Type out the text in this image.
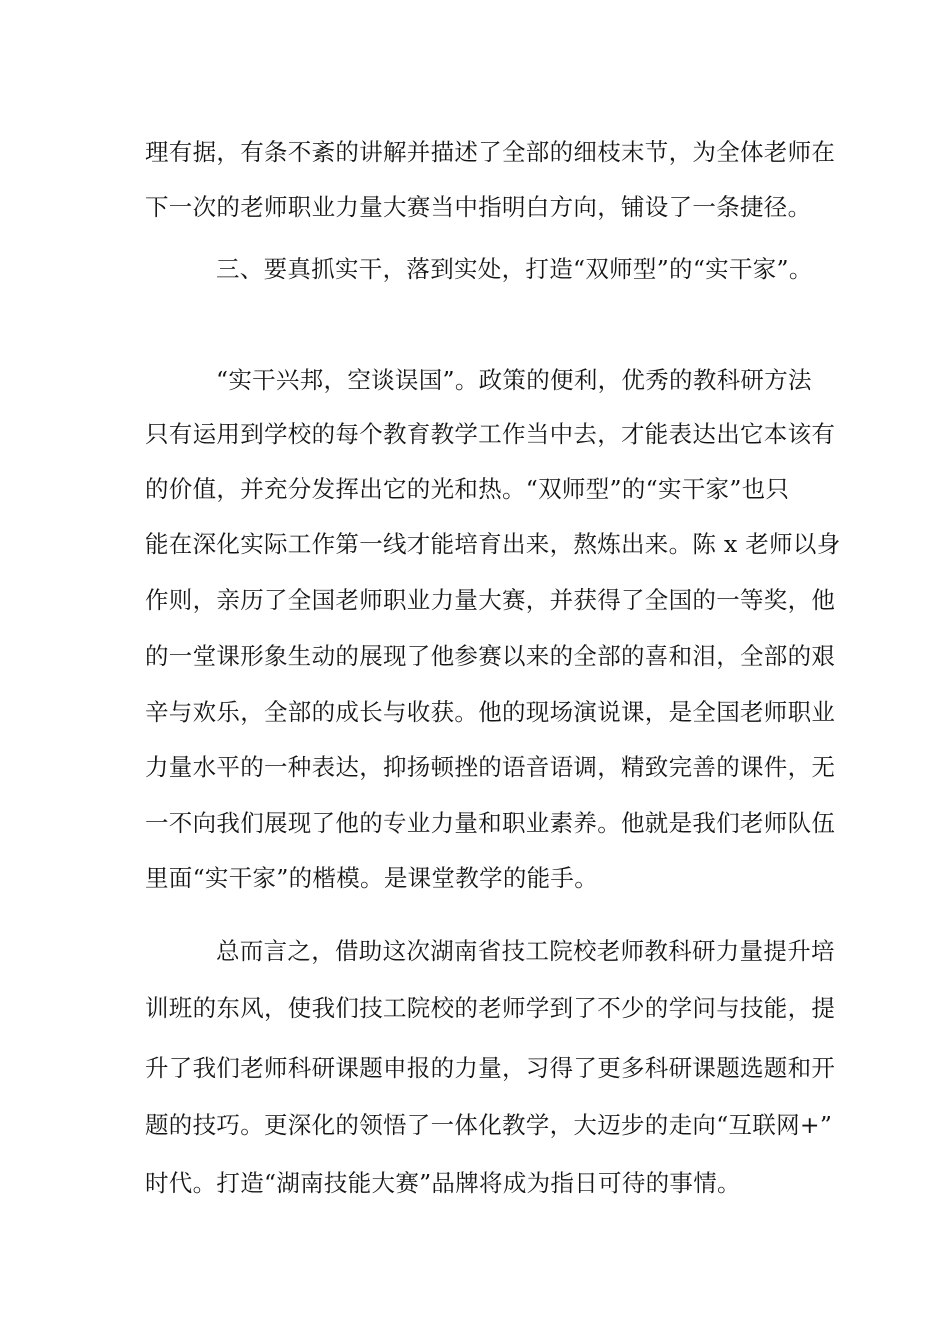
理有据，有条不紊的讲解并描述了全部的细枝末节，为全体老师在
下一次的老师职业力量大赛当中指明白方向，铺设了一条捷径。
三、要真抓实干，落到实处，打造“双师型”的“实干家”。
“实干兴邦，空谈误国”。政策的便利，优秀的教科研方法
只有运用到学校的每个教育教学工作当中去，才能表达出它本该有
的价值，并充分发挥出它的光和热。“双师型”的“实干家”也只
能在深化实际工作第一线才能培育出来，熬炼出来。陈 x 老师以身
作则，亲历了全国老师职业力量大赛，并获得了全国的一等奖，他
的一堂课形象生动的展现了他参赛以来的全部的喜和泪，全部的艰
辛与欢乐，全部的成长与收获。他的现场演说课，是全国老师职业
力量水平的一种表达，抑扬顿挫的语音语调，精致完善的课件，无
一不向我们展现了他的专业力量和职业素养。他就是我们老师队伍
里面“实干家”的楷模。是课堂教学的能手。
总而言之，借助这次湖南省技工院校老师教科研力量提升培
训班的东风，使我们技工院校的老师学到了不少的学问与技能，提
升了我们老师科研课题申报的力量，习得了更多科研课题选题和开
题的技巧。更深化的领悟了一体化教学，大迈步的走向“互联网+”
时代。打造“湖南技能大赛”品牌将成为指日可待的事情。
